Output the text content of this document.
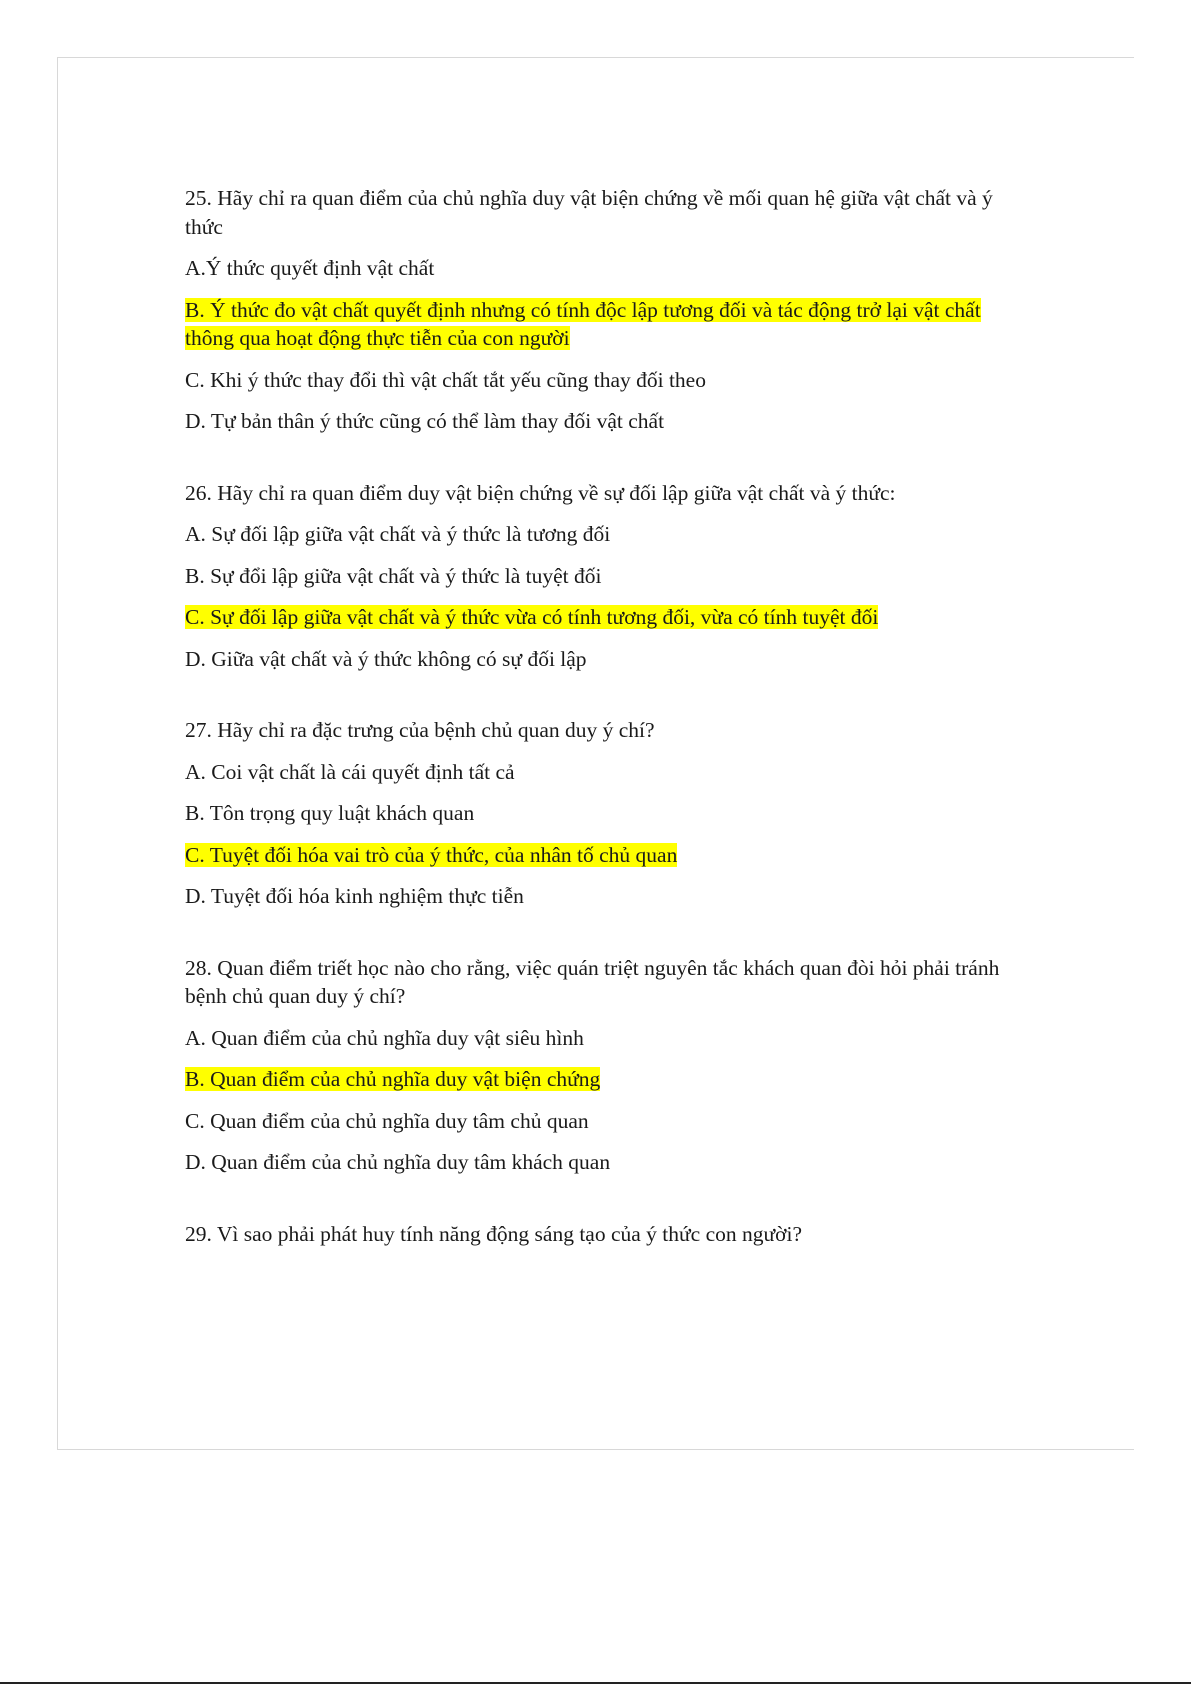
25. Hãy chỉ ra quan điểm của chủ nghĩa duy vật biện chứng về mối quan hệ giữa vật chất và ý thức
A.Ý thức quyết định vật chất
B. Ý thức đo vật chất quyết định nhưng có tính độc lập tương đối và tác động trở lại vật chất thông qua hoạt động thực tiễn của con người
C. Khi ý thức thay đổi thì vật chất tắt yếu cũng thay đối theo
D. Tự bản thân ý thức cũng có thể làm thay đối vật chất
26. Hãy chỉ ra quan điểm duy vật biện chứng về sự đối lập giữa vật chất và ý thức:
A. Sự đối lập giữa vật chất và ý thức là tương đối
B. Sự đổi lập giữa vật chất và ý thức là tuyệt đối
C. Sự đối lập giữa vật chất và ý thức vừa có tính tương đối, vừa có tính tuyệt đối
D. Giữa vật chất và ý thức không có sự đối lập
27. Hãy chỉ ra đặc trưng của bệnh chủ quan duy ý chí?
A. Coi vật chất là cái quyết định tất cả
B. Tôn trọng quy luật khách quan
C. Tuyệt đối hóa vai trò của ý thức, của nhân tố chủ quan
D. Tuyệt đối hóa kinh nghiệm thực tiễn
28. Quan điểm triết học nào cho rằng, việc quán triệt nguyên tắc khách quan đòi hỏi phải tránh bệnh chủ quan duy ý chí?
A. Quan điểm của chủ nghĩa duy vật siêu hình
B. Quan điểm của chủ nghĩa duy vật biện chứng
C. Quan điểm của chủ nghĩa duy tâm chủ quan
D. Quan điểm của chủ nghĩa duy tâm khách quan
29. Vì sao phải phát huy tính năng động sáng tạo của ý thức con người?
